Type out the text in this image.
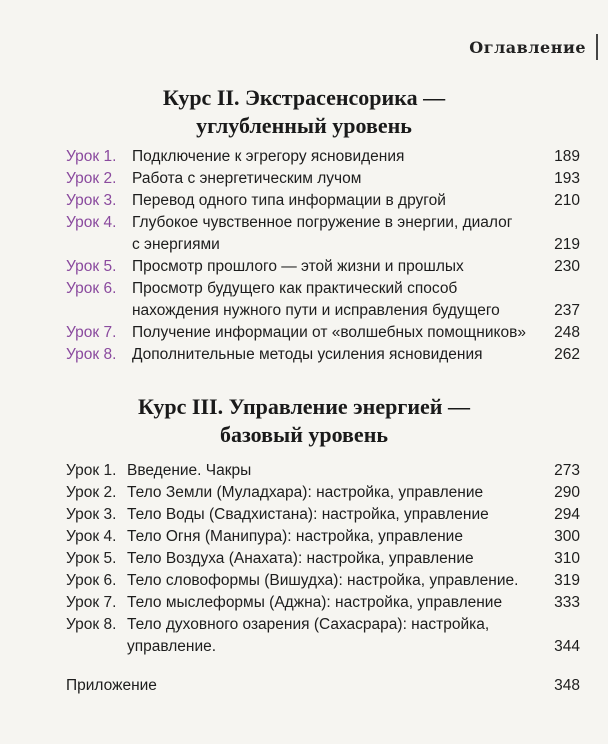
Оглавление
Курс II. Экстрасенсорика —
углубленный уровень
Урок 1. Подключение к эгрегору ясновидения	189
Урок 2. Работа с энергетическим лучом	193
Урок 3. Перевод одного типа информации в другой	210
Урок 4. Глубокое чувственное погружение в энергии, диалог
с энергиями	219
Урок 5. Просмотр прошлого — этой жизни и прошлых	230
Урок 6. Просмотр будущего как практический способ
нахождения нужного пути и исправления будущего	237
Урок 7. Получение информации от «волшебных помощников» 248
Урок 8. Дополнительные методы усиления ясновидения	262
Курс III. Управление энергией —
базовый уровень
Урок 1. Введение. Чакры	273
Урок 2. Тело Земли (Муладхара): настройка, управление	290
Урок 3. Тело Воды (Свадхистана): настройка, управление	294
Урок 4. Тело Огня (Манипура): настройка, управление	300
Урок 5. Тело Воздуха (Анахата): настройка, управление	310
Урок 6. Тело словоформы (Вишудха): настройка, управление. 319
Урок 7. Тело мыслеформы (Аджна): настройка, управление	333
Урок 8. Тело духовного озарения (Сахасрара): настройка,
управление.	344
Приложение	348
